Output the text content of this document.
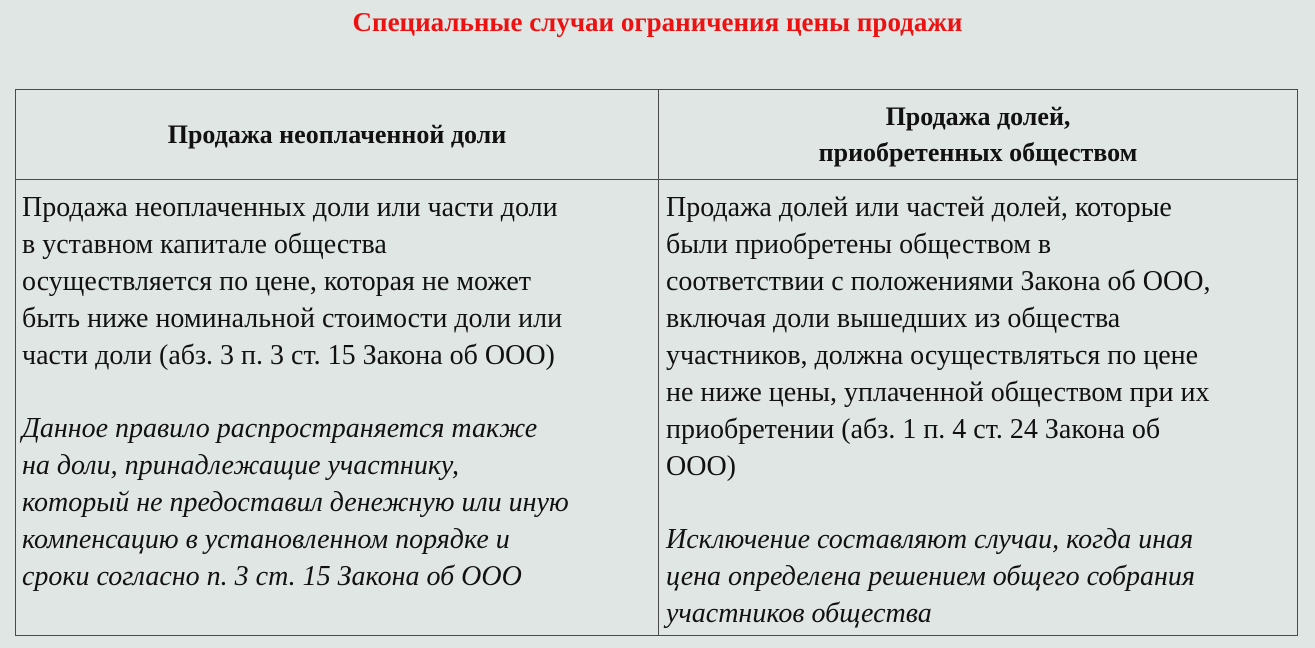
Специальные случаи ограничения цены продажи
Продажа неоплаченной доли
Продажа долей,
приобретенных обществом
Продажа неоплаченных доли или части доли
в уставном капитале общества
осуществляется по цене, которая не может
быть ниже номинальной стоимости доли или
части доли (абз. 3 п. 3 ст. 15 Закона об ООО)
Данное правило распространяется также
на доли, принадлежащие участнику,
который не предоставил денежную или иную
компенсацию в установленном порядке и
сроки согласно п. 3 ст. 15 Закона об ООО
Продажа долей или частей долей, которые
были приобретены обществом в
соответствии с положениями Закона об ООО,
включая доли вышедших из общества
участников, должна осуществляться по цене
не ниже цены, уплаченной обществом при их
приобретении (абз. 1 п. 4 ст. 24 Закона об
ООО)
Исключение составляют случаи, когда иная
цена определена решением общего собрания
участников общества
